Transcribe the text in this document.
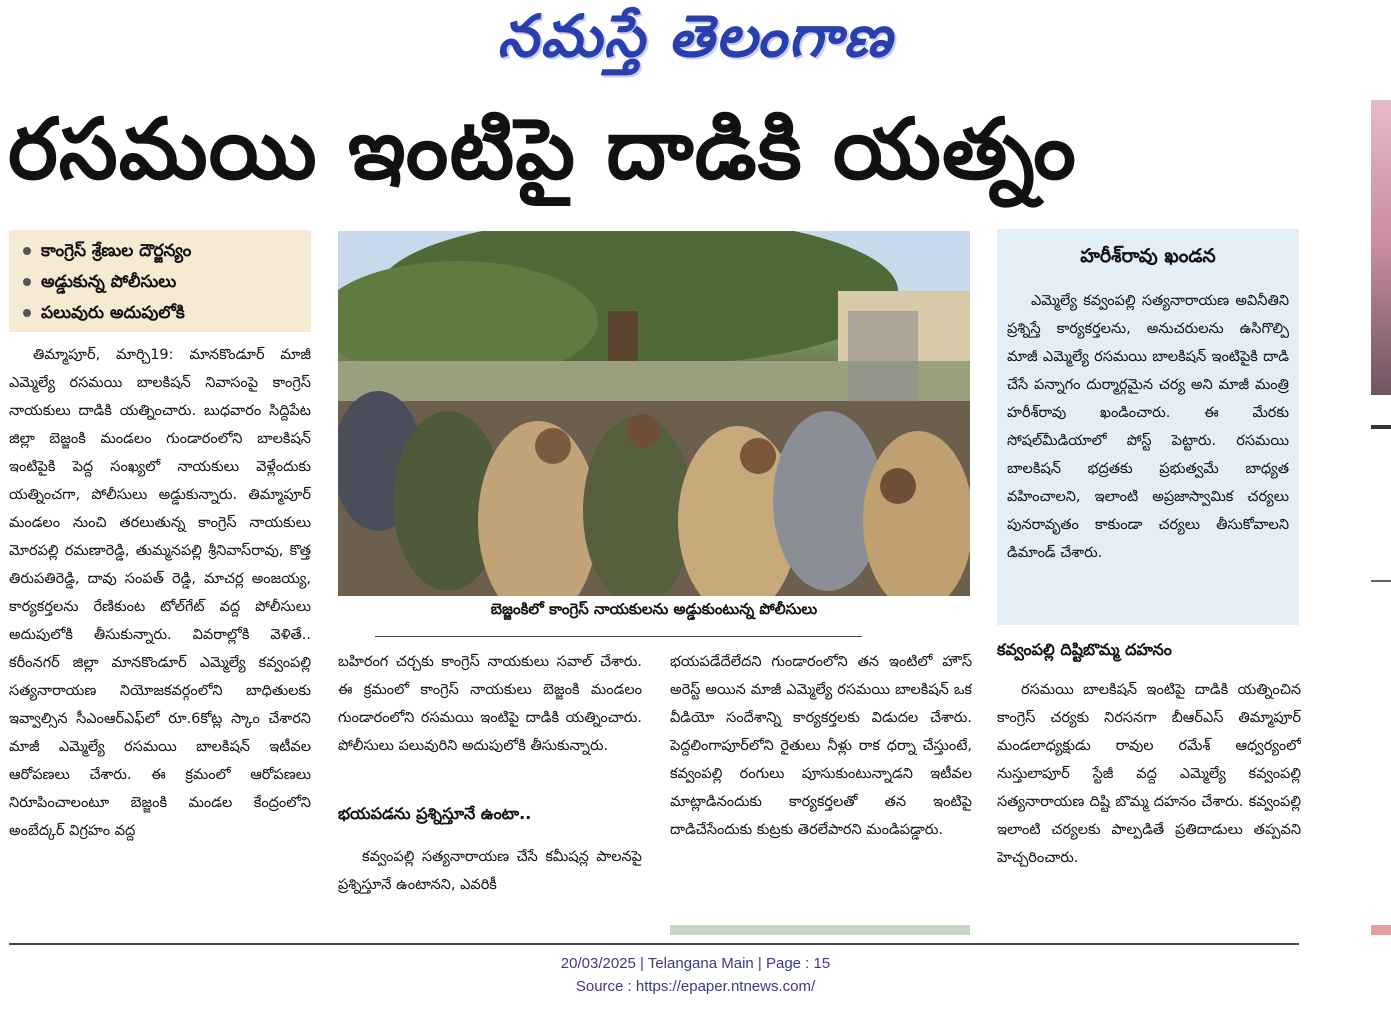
నమస్తే తెలంగాణ
రసమయి ఇంటిపై దాడికి యత్నం
కాంగ్రెస్ శ్రేణుల దౌర్జన్యం
అడ్డుకున్న పోలీసులు
పలువురు అదుపులోకి

తిమ్మాపూర్, మార్చి19: మానకొండూర్ మాజీ ఎమ్మెల్యే రసమయి బాలకిషన్ నివాసంపై కాంగ్రెస్ నాయకులు దాడికి యత్నించారు. బుధవారం సిద్దిపేట జిల్లా బెజ్జంకి మండలం గుండారంలోని బాలకిషన్ ఇంటిపైకి పెద్ద సంఖ్యలో నాయకులు వెళ్లేందుకు యత్నించగా, పోలీసులు అడ్డుకున్నారు. తిమ్మాపూర్ మండలం నుంచి తరలుతున్న కాంగ్రెస్ నాయకులు మోరపల్లి రమణారెడ్డి, తుమ్మనపల్లి శ్రీనివాస్‌రావు, కొత్త తిరుపతిరెడ్డి, దావు సంపత్ రెడ్డి, మాచర్ల అంజయ్య, కార్యకర్తలను రేణికుంట టోల్‌గేట్ వద్ద పోలీసులు అదుపులోకి తీసుకున్నారు. వివరాల్లోకి వెళితే.. కరీంనగర్ జిల్లా మానకొండూర్ ఎమ్మెల్యే కవ్వంపల్లి సత్యనారాయణ నియోజకవర్గంలోని బాధితులకు ఇవ్వాల్సిన సీఎంఆర్‌ఎఫ్‌లో రూ.6కోట్ల స్కాం చేశారని మాజీ ఎమ్మెల్యే రసమయి బాలకిషన్ ఇటీవల ఆరోపణలు చేశారు. ఈ క్రమంలో ఆరోపణలు నిరూపించాలంటూ బెజ్జంకి మండల కేంద్రంలోని అంబేద్కర్ విగ్రహం వద్ద

బెజ్జంకిలో కాంగ్రెస్ నాయకులను అడ్డుకుంటున్న పోలీసులు

బహిరంగ చర్చకు కాంగ్రెస్ నాయకులు సవాల్ చేశారు. ఈ క్రమంలో కాంగ్రెస్ నాయకులు బెజ్జంకి మండలం గుండారంలోని రసమయి ఇంటిపై దాడికి యత్నించారు. పోలీసులు పలువురిని అదుపులోకి తీసుకున్నారు.

భయపడను ప్రశ్నిస్తూనే ఉంటా..

కవ్వంపల్లి సత్యనారాయణ చేసే కమీషన్ల పాలనపై ప్రశ్నిస్తూనే ఉంటానని, ఎవరికీ

భయపడేదేలేదని గుండారంలోని తన ఇంటిలో హౌస్ అరెస్ట్ అయిన మాజీ ఎమ్మెల్యే రసమయి బాలకిషన్ ఒక వీడియో సందేశాన్ని కార్యకర్తలకు విడుదల చేశారు. పెద్దలింగాపూర్‌లోని రైతులు నీళ్లు రాక ధర్నా చేస్తుంటే, కవ్వంపల్లి రంగులు పూసుకుంటున్నాడని ఇటీవల మాట్లాడినందుకు కార్యకర్తలతో తన ఇంటిపై దాడిచేసేందుకు కుట్రకు తెరలేపారని మండిపడ్డారు.

హరీశ్‌రావు ఖండన

ఎమ్మెల్యే కవ్వంపల్లి సత్యనారాయణ అవినీతిని ప్రశ్నిస్తే కార్యకర్తలను, అనుచరులను ఉసిగొల్పి మాజీ ఎమ్మెల్యే రసమయి బాలకిషన్ ఇంటిపైకి దాడి చేసే పన్నాగం దుర్మార్గమైన చర్య అని మాజీ మంత్రి హరీశ్‌రావు ఖండించారు. ఈ మేరకు సోషల్‌మీడియాలో పోస్ట్ పెట్టారు. రసమయి బాలకిషన్ భద్రతకు ప్రభుత్వమే బాధ్యత వహించాలని, ఇలాంటి అప్రజాస్వామిక చర్యలు పునరావృతం కాకుండా చర్యలు తీసుకోవాలని డిమాండ్ చేశారు.

కవ్వంపల్లి దిష్టిబొమ్మ దహనం

రసమయి బాలకిషన్ ఇంటిపై దాడికి యత్నించిన కాంగ్రెస్ చర్యకు నిరసనగా బీఆర్‌ఎస్ తిమ్మాపూర్ మండలాధ్యక్షుడు రావుల రమేశ్ ఆధ్వర్యంలో నుస్తులాపూర్ స్టేజీ వద్ద ఎమ్మెల్యే కవ్వంపల్లి సత్యనారాయణ దిష్టి బొమ్మ దహనం చేశారు. కవ్వంపల్లి ఇలాంటి చర్యలకు పాల్పడితే ప్రతిదాడులు తప్పవని హెచ్చరించారు.

20/03/2025 | Telangana Main | Page : 15
Source : https://epaper.ntnews.com/
